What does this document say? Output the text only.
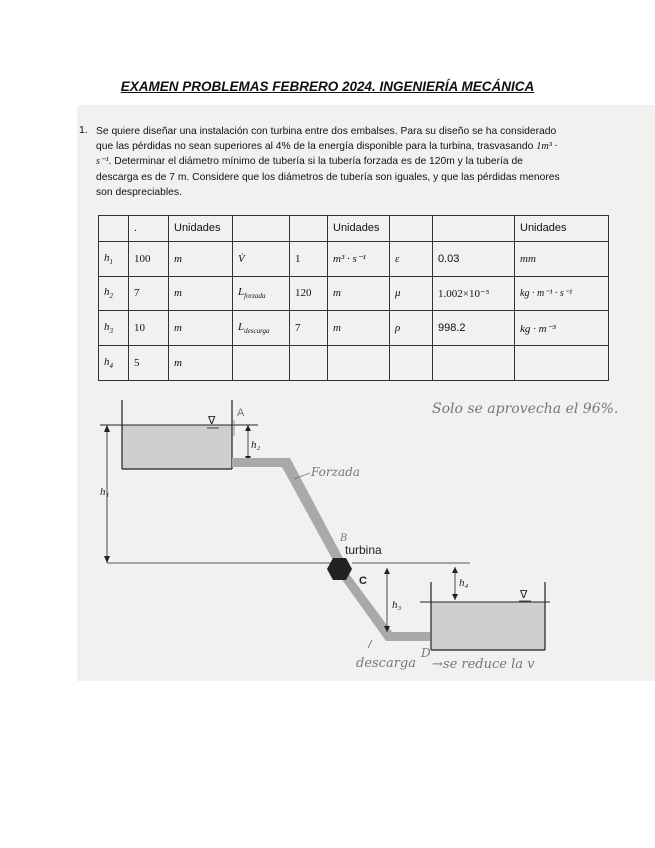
EXAMEN PROBLEMAS FEBRERO 2024. INGENIERÍA MECÁNICA
1. Se quiere diseñar una instalación con turbina entre dos embalses. Para su diseño se ha considerado que las pérdidas no sean superiores al 4% de la energía disponible para la turbina, trasvasando 1m³ · s⁻¹. Determinar el diámetro mínimo de tubería si la tubería forzada es de 120m y la tubería de descarga es de 7 m. Considere que los diámetros de tubería son iguales, y que las pérdidas menores son despreciables.
	.	Unidades			Unidades			Unidades
$h_1$	100	m	V̇	1	m³ · s⁻¹	ε	0.03	mm
$h_2$	7	m	$L_{forzada}$	120	m	μ	1.002×10⁻³	kg · m⁻¹ · s⁻¹
$h_3$	10	m	$L_{descarga}$	7	m	ρ	998.2	kg · m⁻³
$h_4$	5	m						
∇
A
h₁
h₂
turbina
B
C
∇
h₃
h₄
Solo se aprovecha el 96%.
Forzada
descarga
D
→se reduce la v
